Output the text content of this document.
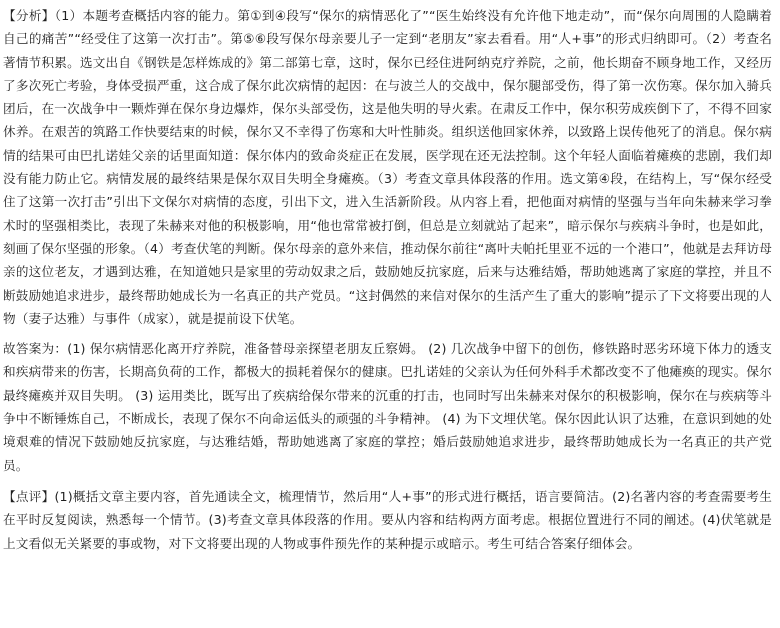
【分析】（1）本题考查概括内容的能力。第①到④段写“保尔的病情恶化了”“医生始终没有允许他下地走动”，而“保尔向周围的人隐瞒着自己的痛苦”“经受住了这第一次打击”。第⑤⑥段写保尔母亲要儿子一定到“老朋友”家去看看。用“人+事”的形式归纳即可。（2）考查名著情节积累。选文出自《钢铁是怎样炼成的》第二部第七章，这时，保尔已经住进阿纳克疗养院，之前，他长期奋不顾身地工作，又经历了多次死亡考验，身体受损严重，这合成了保尔此次病情的起因：在与波兰人的交战中，保尔腿部受伤，得了第一次伤寒。保尔加入骑兵团后，在一次战争中一颗炸弹在保尔身边爆炸，保尔头部受伤，这是他失明的导火索。在肃反工作中，保尔积劳成疾倒下了，不得不回家休养。在艰苦的筑路工作快要结束的时候，保尔又不幸得了伤寒和大叶性肺炎。组织送他回家休养，以致路上误传他死了的消息。保尔病情的结果可由巴扎诺娃父亲的话里面知道：保尔体内的致命炎症正在发展，医学现在还无法控制。这个年轻人面临着瘫痪的悲剧，我们却没有能力防止它。病情发展的最终结果是保尔双目失明全身瘫痪。（3）考查文章具体段落的作用。选文第④段，在结构上，写“保尔经受住了这第一次打击”引出下文保尔对病情的态度，引出下文，进入生活新阶段。从内容上看，把他面对病情的坚强与当年向朱赫来学习拳术时的坚强相类比，表现了朱赫来对他的积极影响，用“他也常常被打倒，但总是立刻就站了起来”，暗示保尔与疾病斗争时，也是如此，刻画了保尔坚强的形象。（4）考查伏笔的判断。保尔母亲的意外来信，推动保尔前往“离叶夫帕托里亚不远的一个港口”，他就是去拜访母亲的这位老友，才遇到达雅，在知道她只是家里的劳动奴隶之后，鼓励她反抗家庭，后来与达雅结婚，帮助她逃离了家庭的掌控，并且不断鼓励她追求进步，最终帮助她成长为一名真正的共产党员。“这封偶然的来信对保尔的生活产生了重大的影响”提示了下文将要出现的人物（妻子达雅）与事件（成家），就是提前设下伏笔。

故答案为：(1) 保尔病情恶化离开疗养院，准备替母亲探望老朋友丘察姆。 (2) 几次战争中留下的创伤，修铁路时恶劣环境下体力的透支和疾病带来的伤害，长期高负荷的工作，都极大的损耗着保尔的健康。巴扎诺娃的父亲认为任何外科手术都改变不了他瘫痪的现实。保尔最终瘫痪并双目失明。 (3) 运用类比，既写出了疾病给保尔带来的沉重的打击，也同时写出朱赫来对保尔的积极影响，保尔在与疾病等斗争中不断锤炼自己，不断成长，表现了保尔不向命运低头的顽强的斗争精神。 (4) 为下文埋伏笔。保尔因此认识了达雅，在意识到她的处境艰难的情况下鼓励她反抗家庭，与达雅结婚，帮助她逃离了家庭的掌控；婚后鼓励她追求进步，最终帮助她成长为一名真正的共产党员。

【点评】(1)概括文章主要内容，首先通读全文，梳理情节，然后用“人+事”的形式进行概括，语言要简洁。(2)名著内容的考查需要考生在平时反复阅读，熟悉每一个情节。(3)考查文章具体段落的作用。要从内容和结构两方面考虑。根据位置进行不同的阐述。(4)伏笔就是上文看似无关紧要的事或物，对下文将要出现的人物或事件预先作的某种提示或暗示。考生可结合答案仔细体会。
